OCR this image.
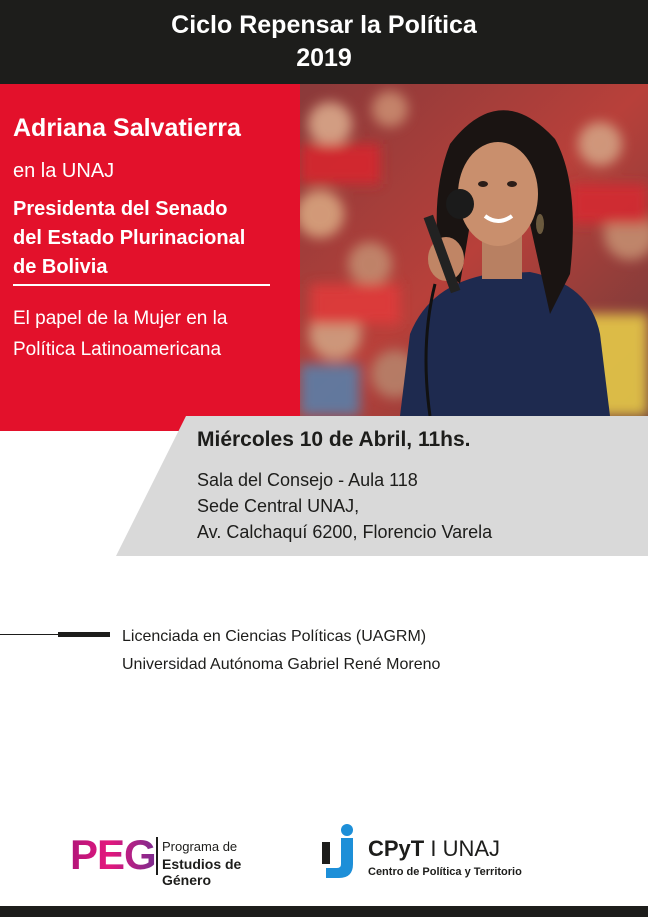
Ciclo Repensar la Política
2019
Adriana Salvatierra
en la UNAJ
Presidenta del Senado
del Estado Plurinacional
de Bolivia
El papel de la Mujer en la
Política Latinoamericana
Miércoles 10 de Abril, 11hs.
Sala del Consejo - Aula 118
Sede Central UNAJ,
Av. Calchaquí 6200, Florencio Varela
Licenciada en Ciencias Políticas (UAGRM)
Universidad Autónoma Gabriel René Moreno
PEG Programa de
Estudios de Género
CPyT I UNAJ
Centro de Política y Territorio
